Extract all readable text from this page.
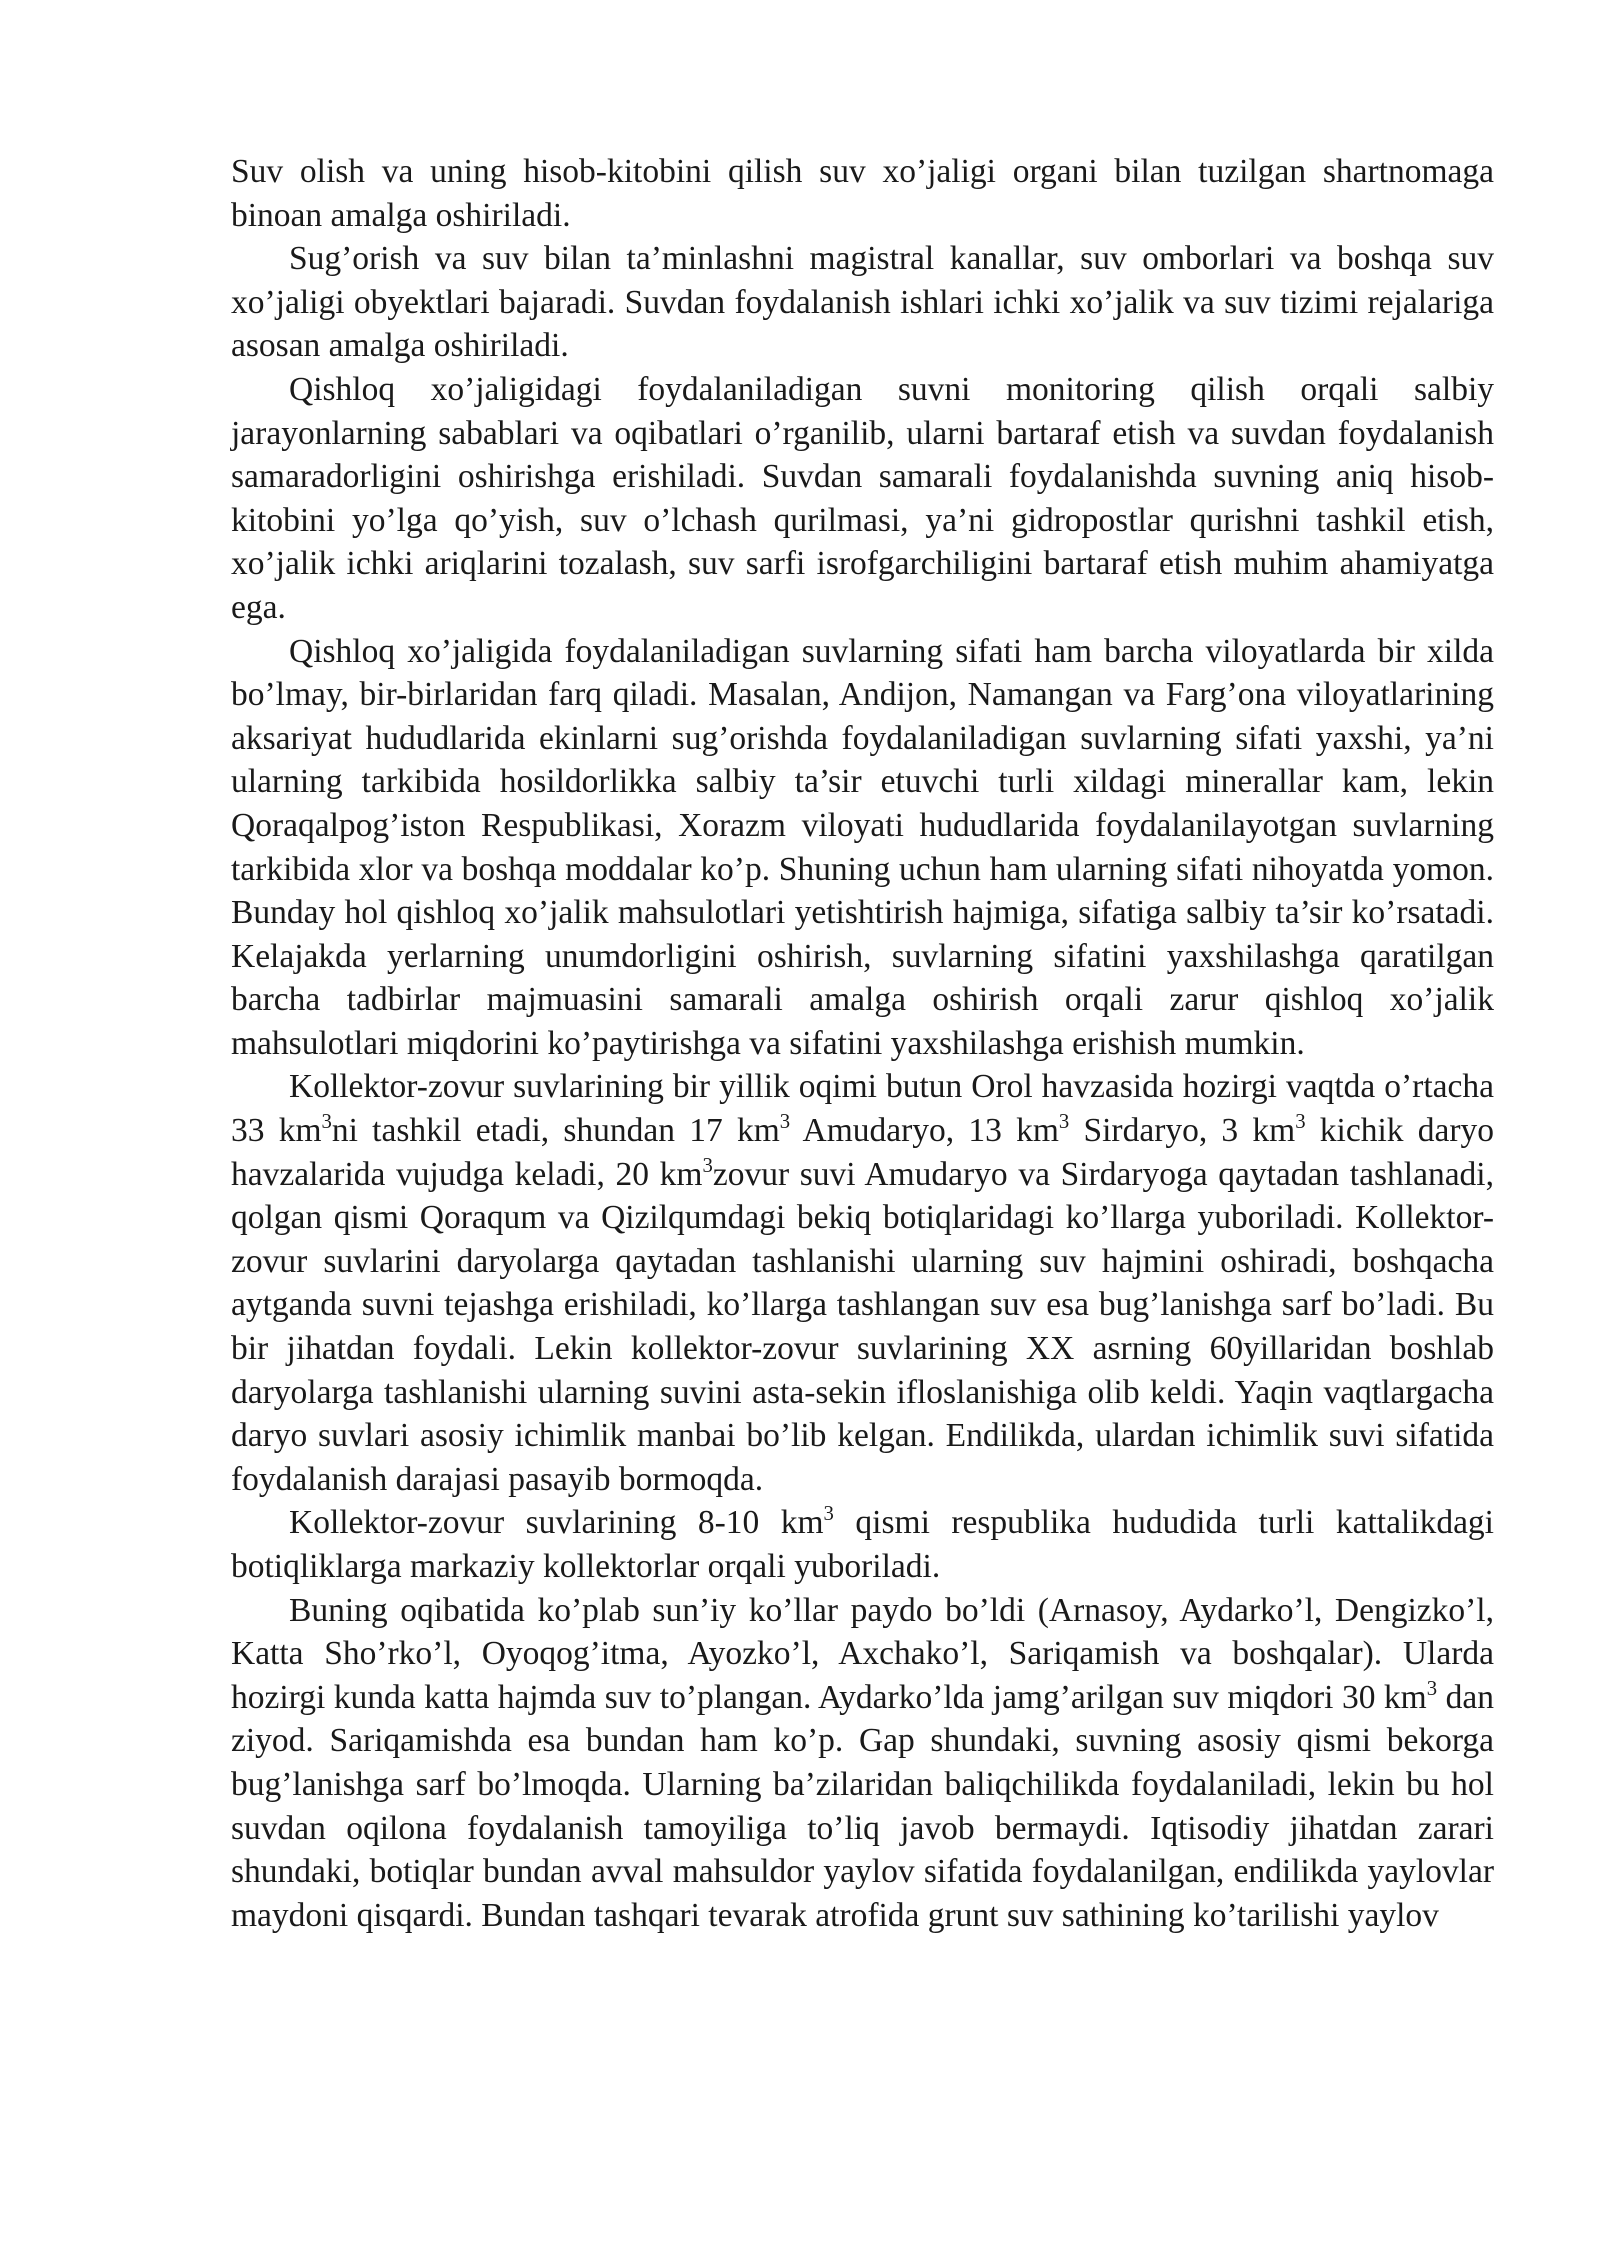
Suv olish va uning hisob-kitobini qilish suv xo’jaligi organi bilan tuzilgan shartnomaga binoan amalga oshiriladi.

Sug’orish va suv bilan ta’minlashni magistral kanallar, suv omborlari va boshqa suv xo’jaligi obyektlari bajaradi. Suvdan foydalanish ishlari ichki xo’jalik va suv tizimi rejalariga asosan amalga oshiriladi.

Qishloq xo’jaligidagi foydalaniladigan suvni monitoring qilish orqali salbiy jarayonlarning sabablari va oqibatlari o’rganilib, ularni bartaraf etish va suvdan foydalanish samaradorligini oshirishga erishiladi. Suvdan samarali foydalanishda suvning aniq hisob-kitobini yo’lga qo’yish, suv o’lchash qurilmasi, ya’ni gidropostlar qurishni tashkil etish, xo’jalik ichki ariqlarini tozalash, suv sarfi isrofgarchiligini bartaraf etish muhim ahamiyatga ega.

Qishloq xo’jaligida foydalaniladigan suvlarning sifati ham barcha viloyatlarda bir xilda bo’lmay, bir-birlaridan farq qiladi. Masalan, Andijon, Namangan va Farg’ona viloyatlarining aksariyat hududlarida ekinlarni sug’orishda foydalaniladigan suvlarning sifati yaxshi, ya’ni ularning tarkibida hosildorlikka salbiy ta’sir etuvchi turli xildagi minerallar kam, lekin Qoraqalpog’iston Respublikasi, Xorazm viloyati hududlarida foydalanilayotgan suvlarning tarkibida xlor va boshqa moddalar ko’p. Shuning uchun ham ularning sifati nihoyatda yomon. Bunday hol qishloq xo’jalik mahsulotlari yetishtirish hajmiga, sifatiga salbiy ta’sir ko’rsatadi. Kelajakda yerlarning unumdorligini oshirish, suvlarning sifatini yaxshilashga qaratilgan barcha tadbirlar majmuasini samarali amalga oshirish orqali zarur qishloq xo’jalik mahsulotlari miqdorini ko’paytirishga va sifatini yaxshilashga erishish mumkin.

Kollektor-zovur suvlarining bir yillik oqimi butun Orol havzasida hozirgi vaqtda o’rtacha 33 $km^3ni$ tashkil etadi, shundan 17 $km^3$ Amudaryo, 13 $km^3$ Sirdaryo, 3 $km^3$ kichik daryo havzalarida vujudga keladi, 20 $km^3zovur$ suvi Amudaryo va Sirdaryoga qaytadan tashlanadi, qolgan qismi Qoraqum va Qizilqumdagi bekiq botiqlaridagi ko’llarga yuboriladi. Kollektor-zovur suvlarini daryolarga qaytadan tashlanishi ularning suv hajmini oshiradi, boshqacha aytganda suvni tejashga erishiladi, ko’llarga tashlangan suv esa bug’lanishga sarf bo’ladi. Bu bir jihatdan foydali. Lekin kollektor-zovur suvlarining XX asrning 60yillaridan boshlab daryolarga tashlanishi ularning suvini asta-sekin ifloslanishiga olib keldi. Yaqin vaqtlargacha daryo suvlari asosiy ichimlik manbai bo’lib kelgan. Endilikda, ulardan ichimlik suvi sifatida foydalanish darajasi pasayib bormoqda.

Kollektor-zovur suvlarining 8-10 $km^3$ qismi respublika hududida turli kattalikdagi botiqliklarga markaziy kollektorlar orqali yuboriladi.

Buning oqibatida ko’plab sun’iy ko’llar paydo bo’ldi (Arnasoy, Aydarko’l, Dengizko’l, Katta Sho’rko’l, Oyoqog’itma, Ayozko’l, Axchako’l, Sariqamish va boshqalar). Ularda hozirgi kunda katta hajmda suv to’plangan. Aydarko’lda jamg’arilgan suv miqdori 30 $km^3$ dan ziyod. Sariqamishda esa bundan ham ko’p. Gap shundaki, suvning asosiy qismi bekorga bug’lanishga sarf bo’lmoqda. Ularning ba’zilaridan baliqchilikda foydalaniladi, lekin bu hol suvdan oqilona foydalanish tamoyiliga to’liq javob bermaydi. Iqtisodiy jihatdan zarari shundaki, botiqlar bundan avval mahsuldor yaylov sifatida foydalanilgan, endilikda yaylovlar maydoni qisqardi. Bundan tashqari tevarak atrofida grunt suv sathining ko’tarilishi yaylov
